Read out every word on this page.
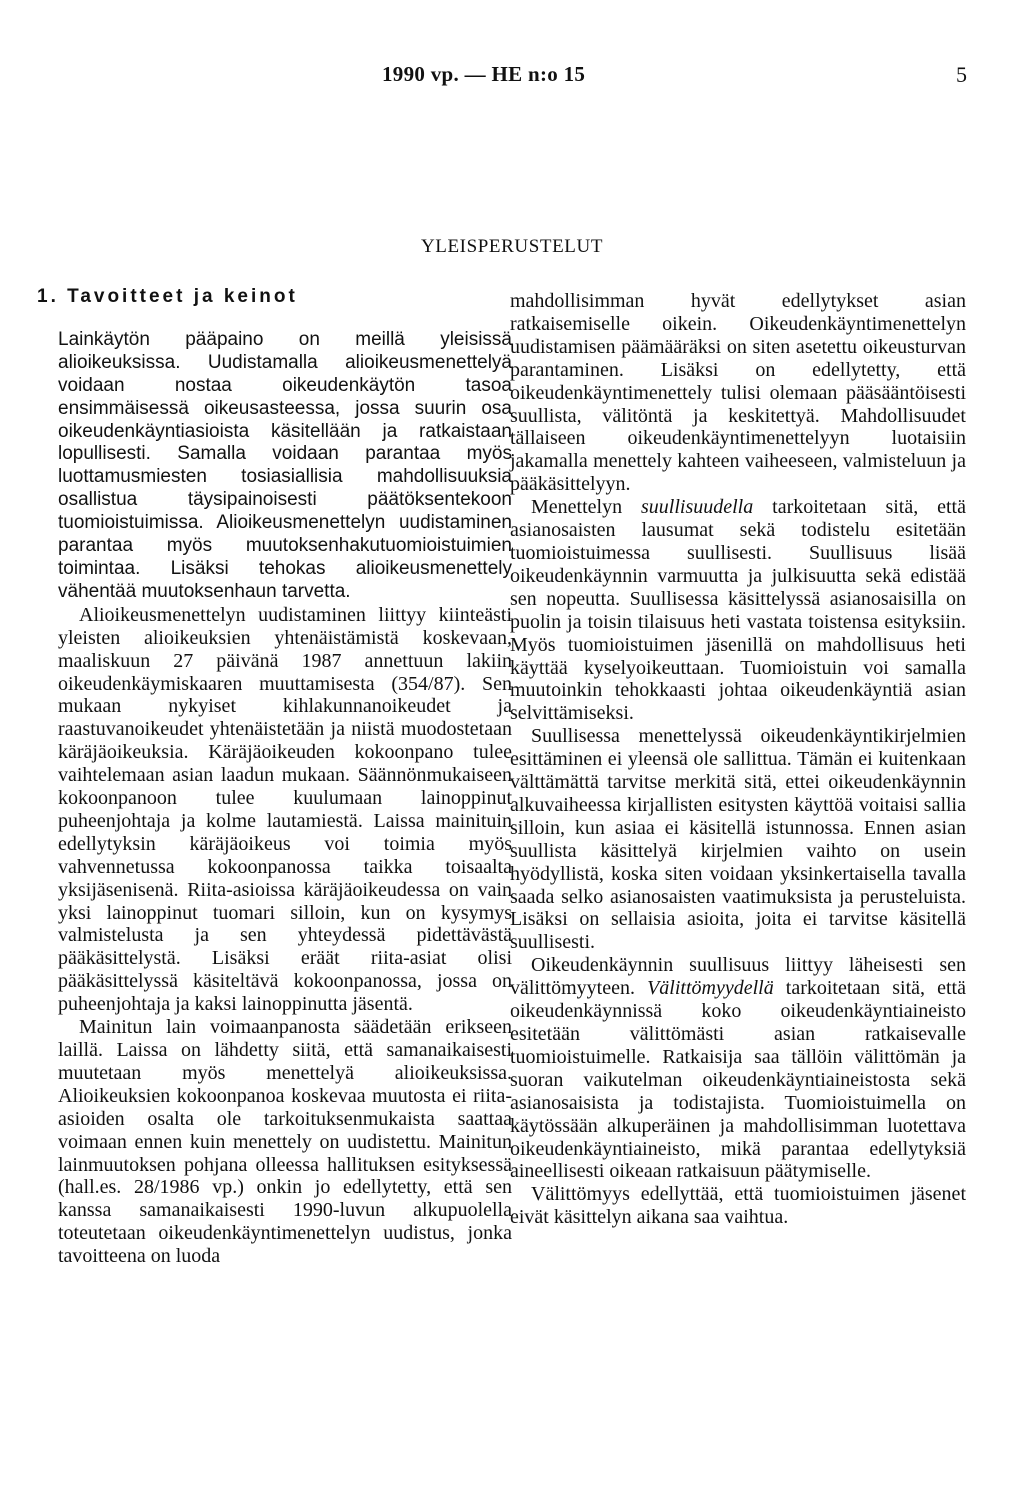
1990 vp. — HE n:o 15	5
YLEISPERUSTELUT
1. Tavoitteet ja keinot

Lainkäytön pääpaino on meillä yleisissä alioikeuksissa. Uudistamalla alioikeusmenettelyä voidaan nostaa oikeudenkäytön tasoa ensimmäisessä oikeusasteessa, jossa suurin osa oikeudenkäyntiasioista käsitellään ja ratkaistaan lopullisesti. Samalla voidaan parantaa myös luottamusmiesten tosiasiallisia mahdollisuuksia osallistua täysipainoisesti päätöksentekoon tuomioistuimissa. Alioikeusmenettelyn uudistaminen parantaa myös muutoksenhakutuomioistuimien toimintaa. Lisäksi tehokas alioikeusmenettely vähentää muutoksenhaun tarvetta.

Alioikeusmenettelyn uudistaminen liittyy kiinteästi yleisten alioikeuksien yhtenäistämistä koskevaan, maaliskuun 27 päivänä 1987 annettuun lakiin oikeudenkäymiskaaren muuttamisesta (354/87). Sen mukaan nykyiset kihlakunnanoikeudet ja raastuvanoikeudet yhtenäistetään ja niistä muodostetaan käräjäoikeuksia. Käräjäoikeuden kokoonpano tulee vaihtelemaan asian laadun mukaan. Säännönmukaiseen kokoonpanoon tulee kuulumaan lainoppinut puheenjohtaja ja kolme lautamiestä. Laissa mainituin edellytyksin käräjäoikeus voi toimia myös vahvennetussa kokoonpanossa taikka toisaalta yksijäsenisenä. Riita-asioissa käräjäoikeudessa on vain yksi lainoppinut tuomari silloin, kun on kysymys valmistelusta ja sen yhteydessä pidettävästä pääkäsittelystä. Lisäksi eräät riita-asiat olisi pääkäsittelyssä käsiteltävä kokoonpanossa, jossa on puheenjohtaja ja kaksi lainoppinutta jäsentä.

Mainitun lain voimaanpanosta säädetään erikseen laillä. Laissa on lähdetty siitä, että samanaikaisesti muutetaan myös menettelyä alioikeuksissa. Alioikeuksien kokoonpanoa koskevaa muutosta ei riita-asioiden osalta ole tarkoituksenmukaista saattaa voimaan ennen kuin menettely on uudistettu. Mainitun lainmuutoksen pohjana olleessa hallituksen esityksessä (hall.es. 28/1986 vp.) onkin jo edellytetty, että sen kanssa samanaikaisesti 1990-luvun alkupuolella toteutetaan oikeudenkäyntimenettelyn uudistus, jonka tavoitteena on luoda

mahdollisimman hyvät edellytykset asian ratkaisemiselle oikein. Oikeudenkäyntimenettelyn uudistamisen päämääräksi on siten asetettu oikeusturvan parantaminen. Lisäksi on edellytetty, että oikeudenkäyntimenettely tulisi olemaan pääsääntöisesti suullista, välitöntä ja keskitettyä. Mahdollisuudet tällaiseen oikeudenkäyntimenettelyyn luotaisiin jakamalla menettely kahteen vaiheeseen, valmisteluun ja pääkäsittelyyn.

Menettelyn suullisuudella tarkoitetaan sitä, että asianosaisten lausumat sekä todistelu esitetään tuomioistuimessa suullisesti. Suullisuus lisää oikeudenkäynnin varmuutta ja julkisuutta sekä edistää sen nopeutta. Suullisessa käsittelyssä asianosaisilla on puolin ja toisin tilaisuus heti vastata toistensa esityksiin. Myös tuomioistuimen jäsenillä on mahdollisuus heti käyttää kyselyoikeuttaan. Tuomioistuin voi samalla muutoinkin tehokkaasti johtaa oikeudenkäyntiä asian selvittämiseksi.

Suullisessa menettelyssä oikeudenkäyntikirjelmien esittäminen ei yleensä ole sallittua. Tämän ei kuitenkaan välttämättä tarvitse merkitä sitä, ettei oikeudenkäynnin alkuvaiheessa kirjallisten esitysten käyttöä voitaisi sallia silloin, kun asiaa ei käsitellä istunnossa. Ennen asian suullista käsittelyä kirjelmien vaihto on usein hyödyllistä, koska siten voidaan yksinkertaisella tavalla saada selko asianosaisten vaatimuksista ja perusteluista. Lisäksi on sellaisia asioita, joita ei tarvitse käsitellä suullisesti.

Oikeudenkäynnin suullisuus liittyy läheisesti sen välittömyyteen. Välittömyydellä tarkoitetaan sitä, että oikeudenkäynnissä koko oikeudenkäyntiaineisto esitetään välittömästi asian ratkaisevalle tuomioistuimelle. Ratkaisija saa tällöin välittömän ja suoran vaikutelman oikeudenkäyntiaineistosta sekä asianosaisista ja todistajista. Tuomioistuimella on käytössään alkuperäinen ja mahdollisimman luotettava oikeudenkäyntiaineisto, mikä parantaa edellytyksiä aineellisesti oikeaan ratkaisuun päätymiselle.

Välittömyys edellyttää, että tuomioistuimen jäsenet eivät käsittelyn aikana saa vaihtua.
